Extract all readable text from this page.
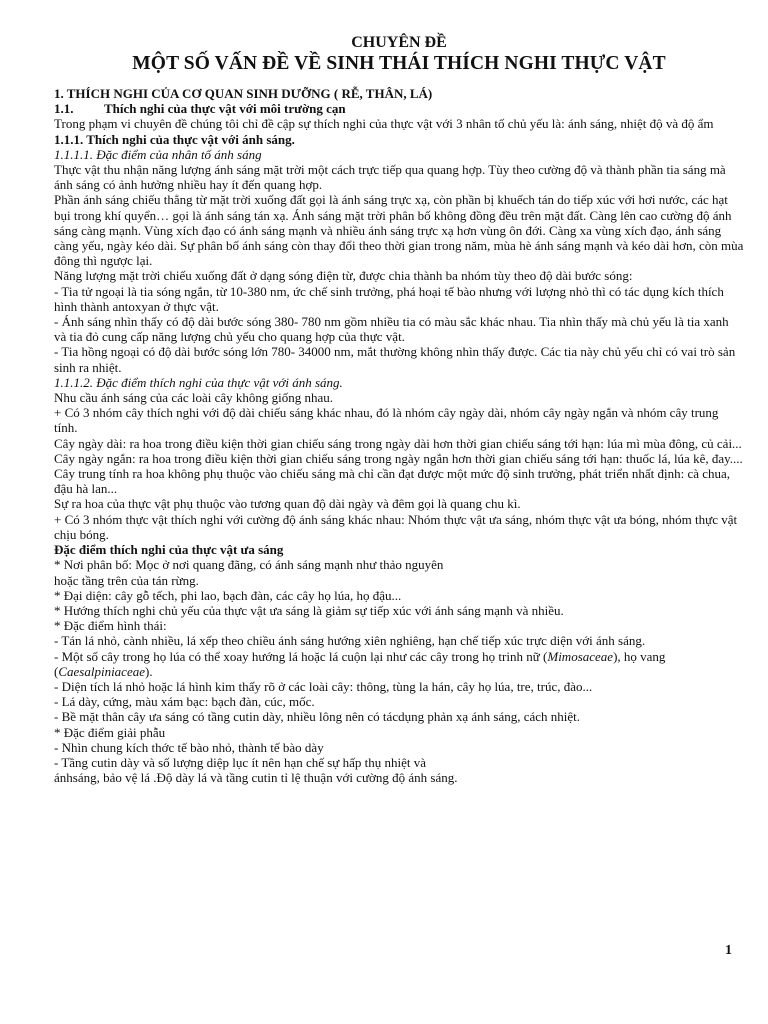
CHUYÊN ĐỀ
MỘT SỐ VẤN ĐỀ VỀ SINH THÁI THÍCH NGHI THỰC VẬT

1. THÍCH NGHI CỦA CƠ QUAN SINH DƯỠNG ( RỄ, THÂN, LÁ)

1.1. Thích nghi của thực vật với môi trường cạn

Trong phạm vi chuyên đề chúng tôi chỉ đề cập sự thích nghi của thực vật với 3 nhân tố chủ yếu là: ánh sáng, nhiệt độ và độ ẩm

1.1.1. Thích nghi của thực vật với ánh sáng.

1.1.1.1. Đặc điểm của nhân tố ánh sáng

Thực vật thu nhận năng lượng ánh sáng mặt trời một cách trực tiếp qua quang hợp. Tùy theo cường độ và thành phần tia sáng mà ánh sáng có ảnh hưởng nhiều hay ít đến quang hợp.

Phần ánh sáng chiếu thẳng từ mặt trời xuống đất gọi là ánh sáng trực xạ, còn phần bị khuếch tán do tiếp xúc với hơi nước, các hạt bụi trong khí quyển… gọi là ánh sáng tán xạ. Ánh sáng mặt trời phân bố không đồng đều trên mặt đất. Càng lên cao cường độ ánh sáng càng mạnh. Vùng xích đạo có ánh sáng mạnh và nhiều ánh sáng trực xạ hơn vùng ôn đới. Càng xa vùng xích đạo, ánh sáng càng yếu, ngày kéo dài. Sự phân bố ánh sáng còn thay đổi theo thời gian trong năm, mùa hè ánh sáng mạnh và kéo dài hơn, còn mùa đông thì ngược lại.

Năng lượng mặt trời chiếu xuống đất ở dạng sóng điện từ, được chia thành ba nhóm tùy theo độ dài bước sóng:

- Tia tử ngoại là tia sóng ngắn, từ 10-380 nm, ức chế sinh trưởng, phá hoại tế bào nhưng với lượng nhỏ thì có tác dụng kích thích hình thành antoxyan ở thực vật.

- Ánh sáng nhìn thấy có độ dài bước sóng 380- 780 nm gồm nhiều tia có màu sắc khác nhau. Tia nhìn thấy mà chủ yếu là tia xanh và tia đỏ cung cấp năng lượng chủ yếu cho quang hợp của thực vật.

- Tia hồng ngoại có độ dài bước sóng lớn 780- 34000 nm, mắt thường không nhìn thấy được. Các tia này chủ yếu chỉ có vai trò sản sinh ra nhiệt.

1.1.1.2. Đặc điểm thích nghi của thực vật với ánh sáng.

Nhu cầu ánh sáng của các loài cây không giống nhau.

+ Có 3 nhóm cây thích nghi với độ dài chiếu sáng khác nhau, đó là nhóm cây ngày dài, nhóm cây ngày ngắn và nhóm cây trung tính.

Cây ngày dài: ra hoa trong điều kiện thời gian chiếu sáng trong ngày dài hơn thời gian chiếu sáng tới hạn: lúa mì mùa đông, củ cải...

Cây ngày ngắn: ra hoa trong điều kiện thời gian chiếu sáng trong ngày ngắn hơn thời gian chiếu sáng tới hạn: thuốc lá, lúa kê, đay....

Cây trung tính ra hoa không phụ thuộc vào chiếu sáng mà chỉ cần đạt được một mức độ sinh trưởng, phát triển nhất định: cà chua, đậu hà lan...

Sự ra hoa của thực vật phụ thuộc vào tương quan độ dài ngày và đêm gọi là quang chu kì.

+ Có 3 nhóm thực vật thích nghi với cường độ ánh sáng khác nhau: Nhóm thực vật ưa sáng, nhóm thực vật ưa bóng, nhóm thực vật chịu bóng.

Đặc điểm thích nghi của thực vật ưa sáng

* Nơi phân bố: Mọc ở nơi quang đãng, có ánh sáng mạnh như thảo nguyên

hoặc tầng trên của tán rừng.

* Đại diện: cây gỗ tếch, phi lao, bạch đàn, các cây họ lúa, họ đậu...

* Hướng thích nghi chủ yếu của thực vật ưa sáng là giảm sự tiếp xúc với ánh sáng mạnh và nhiều.

* Đặc điểm hình thái:

- Tán lá nhỏ, cành nhiều, lá xếp theo chiều ánh sáng hướng xiên nghiêng, hạn chế tiếp xúc trực diện với ánh sáng.

- Một số cây trong họ lúa có thể xoay hướng lá hoặc lá cuộn lại như các cây trong họ trinh nữ (Mimosaceae), họ vang (Caesalpiniaceae).

- Diện tích lá nhỏ hoặc lá hình kim thấy rõ ở các loài cây: thông, tùng la hán, cây họ lúa, tre, trúc, đào...

- Lá dày, cứng, màu xám bạc: bạch đàn, cúc, mốc.

- Bề mặt thân cây ưa sáng có tầng cutin dày, nhiều lông nên có tácdụng phản xạ ánh sáng, cách nhiệt.

* Đặc điểm giải phẫu

- Nhìn chung kích thớc tế bào nhỏ, thành tế bào dày

- Tầng cutin dày và số lượng diệp lục ít nên hạn chế sự hấp thụ nhiệt và

ánhsáng, bảo vệ lá .Độ dày lá và tầng cutin tỉ lệ thuận với cường độ ánh sáng.

1
